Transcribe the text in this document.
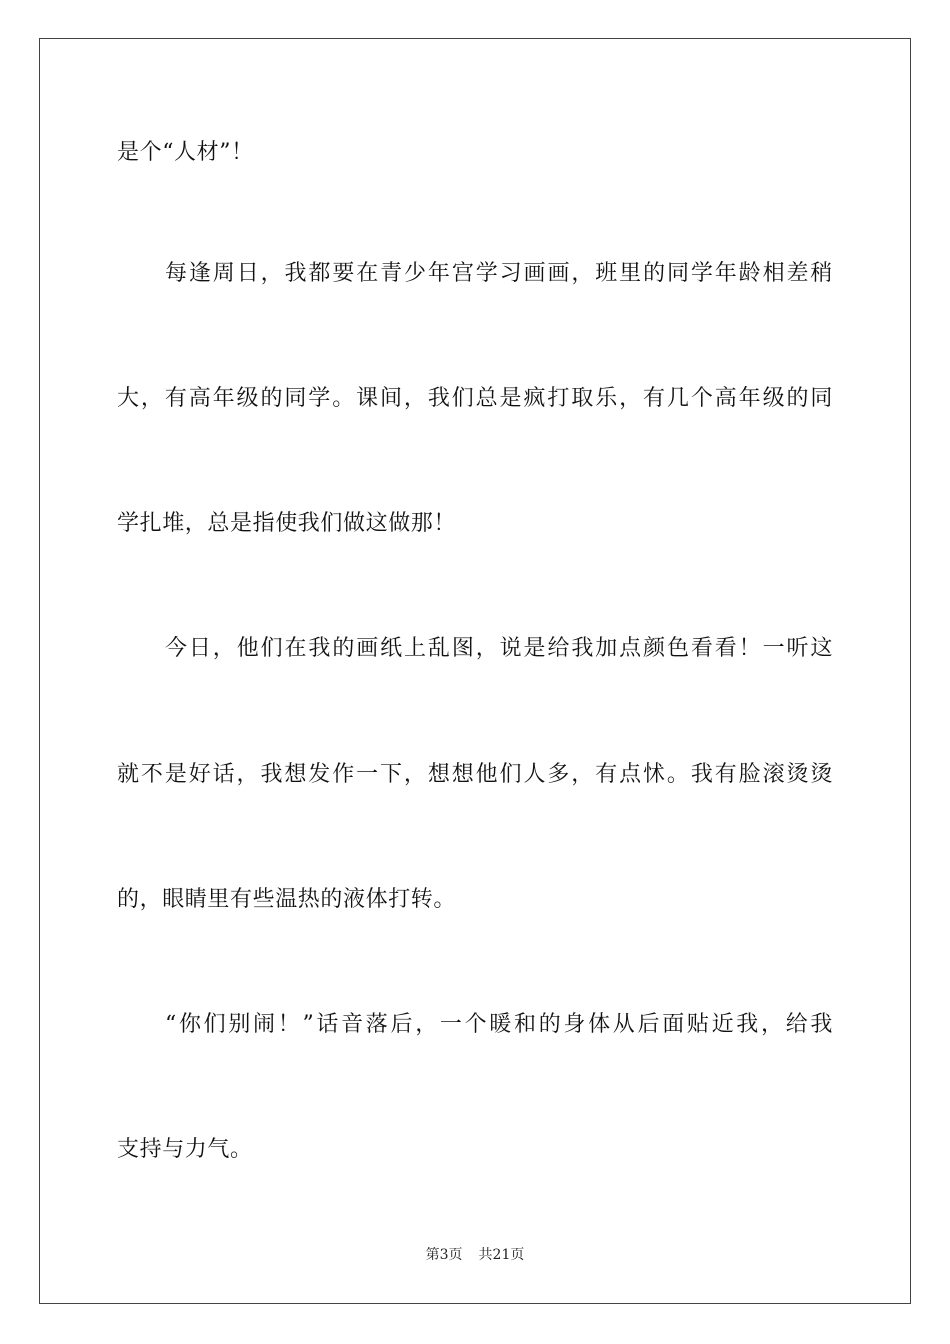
是个“人材”！
每逢周日，我都要在青少年宫学习画画，班里的同学年龄相差稍
大，有高年级的同学。课间，我们总是疯打取乐，有几个高年级的同
学扎堆，总是指使我们做这做那！
今日，他们在我的画纸上乱图，说是给我加点颜色看看！一听这
就不是好话，我想发作一下，想想他们人多，有点怵。我有脸滚烫烫
的，眼睛里有些温热的液体打转。
“你们别闹！”话音落后，一个暖和的身体从后面贴近我，给我
支持与力气。
第3页 共21页
